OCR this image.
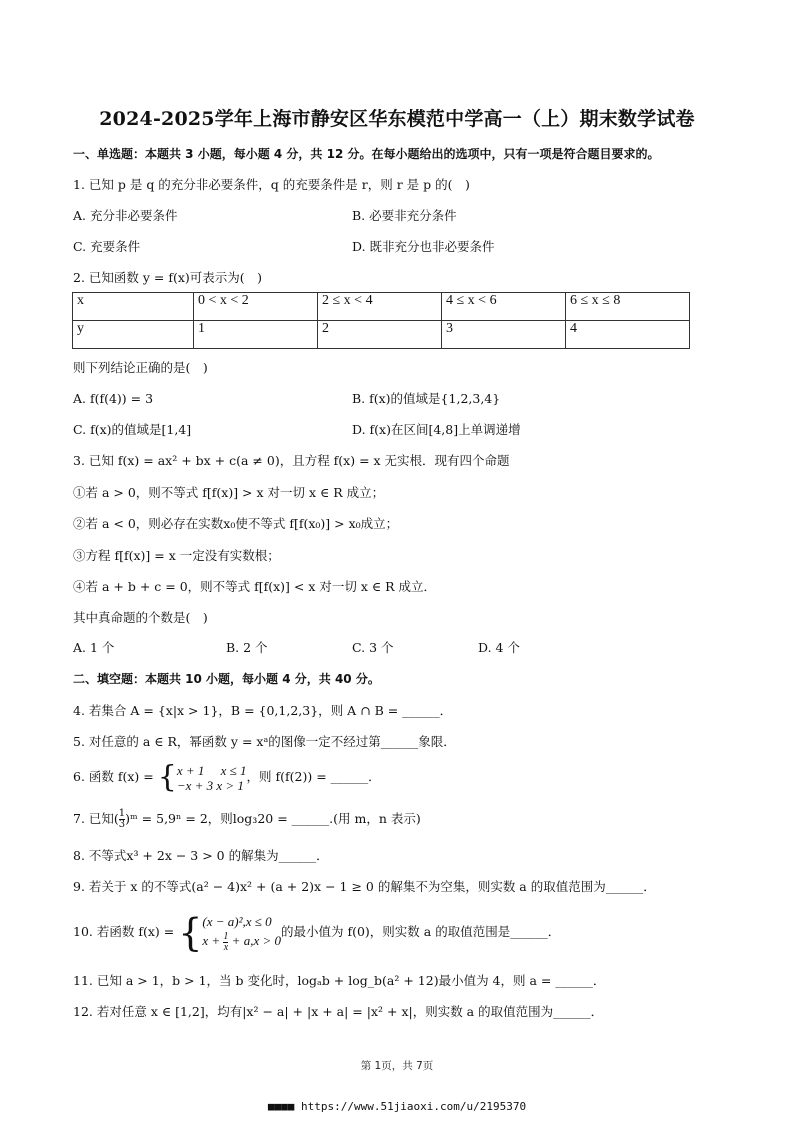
2024-2025学年上海市静安区华东模范中学高一（上）期末数学试卷
一、单选题：本题共 3 小题，每小题 4 分，共 12 分。在每小题给出的选项中，只有一项是符合题目要求的。
1. 已知 p 是 q 的充分非必要条件，q 的充要条件是 r，则 r 是 p 的(　)
A. 充分非必要条件	B. 必要非充分条件
C. 充要条件	D. 既非充分也非必要条件
2. 已知函数 y = f(x)可表示为(　)
x	0 < x < 2	2 ≤ x < 4	4 ≤ x < 6	6 ≤ x ≤ 8
y	1	2	3	4
则下列结论正确的是(　)
A. f(f(4)) = 3	B. f(x)的值域是{1,2,3,4}
C. f(x)的值域是[1,4]	D. f(x)在区间[4,8]上单调递增
3. 已知 f(x) = ax² + bx + c(a ≠ 0)，且方程 f(x) = x 无实根．现有四个命题
①若 a > 0，则不等式 f[f(x)] > x 对一切 x ∈ R 成立；
②若 a < 0，则必存在实数x₀使不等式 f[f(x₀)] > x₀成立；
③方程 f[f(x)] = x 一定没有实数根；
④若 a + b + c = 0，则不等式 f[f(x)] < x 对一切 x ∈ R 成立．
其中真命题的个数是(　)
A. 1 个	B. 2 个	C. 3 个	D. 4 个
二、填空题：本题共 10 小题，每小题 4 分，共 40 分。
4. 若集合 A = {x|x > 1}，B = {0,1,2,3}，则 A ∩ B = ______．
5. 对任意的 a ∈ R，幂函数 y = xᵃ的图像一定不经过第______象限．
6. 函数 f(x) = {x + 1　 x ≤ 1
−x + 3 x > 1，则 f(f(2)) = ______．
7. 已知( $\frac{1}{3}$ )ᵐ = 5,9ⁿ = 2，则log₃20 = ______.(用 m，n 表示)
8. 不等式x³ + 2x − 3 > 0 的解集为______．
9. 若关于 x 的不等式(a² − 4)x² + (a + 2)x − 1 ≥ 0 的解集不为空集，则实数 a 的取值范围为______．
10. 若函数 f(x) = {(x − a)²,x ≤ 0
$x + \frac{1}{x} + a,x > 0$的最小值为 f(0)，则实数 a 的取值范围是______．
11. 已知 a > 1，b > 1，当 b 变化时，logₐb + log_b(a² + 12)最小值为 4，则 a = ______．
12. 若对任意 x ∈ [1,2]，均有|x² − a| + |x + a| = |x² + x|，则实数 a 的取值范围为______．
第 1页，共 7页
■■■■ https://www.51jiaoxi.com/u/2195370
